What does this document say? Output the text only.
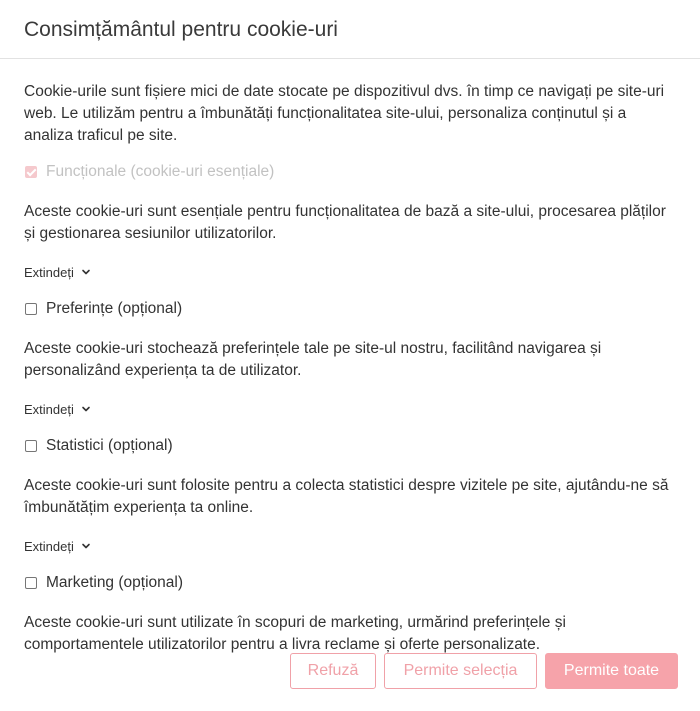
Consimțământul pentru cookie-uri

Cookie-urile sunt fișiere mici de date stocate pe dispozitivul dvs. în timp ce navigați pe site-uri web. Le utilizăm pentru a îmbunătăți funcționalitatea site-ului, personaliza conținutul și a analiza traficul pe site.

Funcționale (cookie-uri esențiale)

Aceste cookie-uri sunt esențiale pentru funcționalitatea de bază a site-ului, procesarea plăților și gestionarea sesiunilor utilizatorilor.

Extindeți
Preferințe (opțional)

Aceste cookie-uri stochează preferințele tale pe site-ul nostru, facilitând navigarea și personalizând experiența ta de utilizator.

Extindeți
Statistici (opțional)

Aceste cookie-uri sunt folosite pentru a colecta statistici despre vizitele pe site, ajutându-ne să îmbunătățim experiența ta online.

Extindeți
Marketing (opțional)

Aceste cookie-uri sunt utilizate în scopuri de marketing, urmărind preferințele și comportamentele utilizatorilor pentru a livra reclame și oferte personalizate.

Refuză	Permite selecția	Permite toate
